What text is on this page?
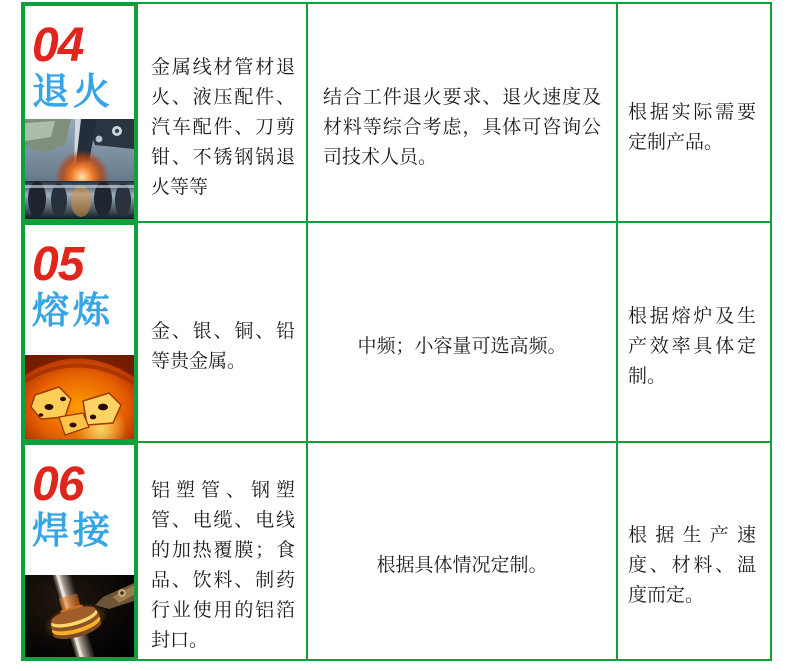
04
退火

金属线材管材退火、液压配件、汽车配件、刀剪钳、不锈钢锅退火等等

结合工件退火要求、退火速度及材料等综合考虑，具体可咨询公司技术人员。

根据实际需要定制产品。

05
熔炼

金、银、铜、铅等贵金属。

中频；小容量可选高频。

根据熔炉及生产效率具体定制。

06
焊接

铝塑管、钢塑管、电缆、电线的加热覆膜；食品、饮料、制药行业使用的铝箔封口。

根据具体情况定制。

根据生产速度、材料、温度而定。
